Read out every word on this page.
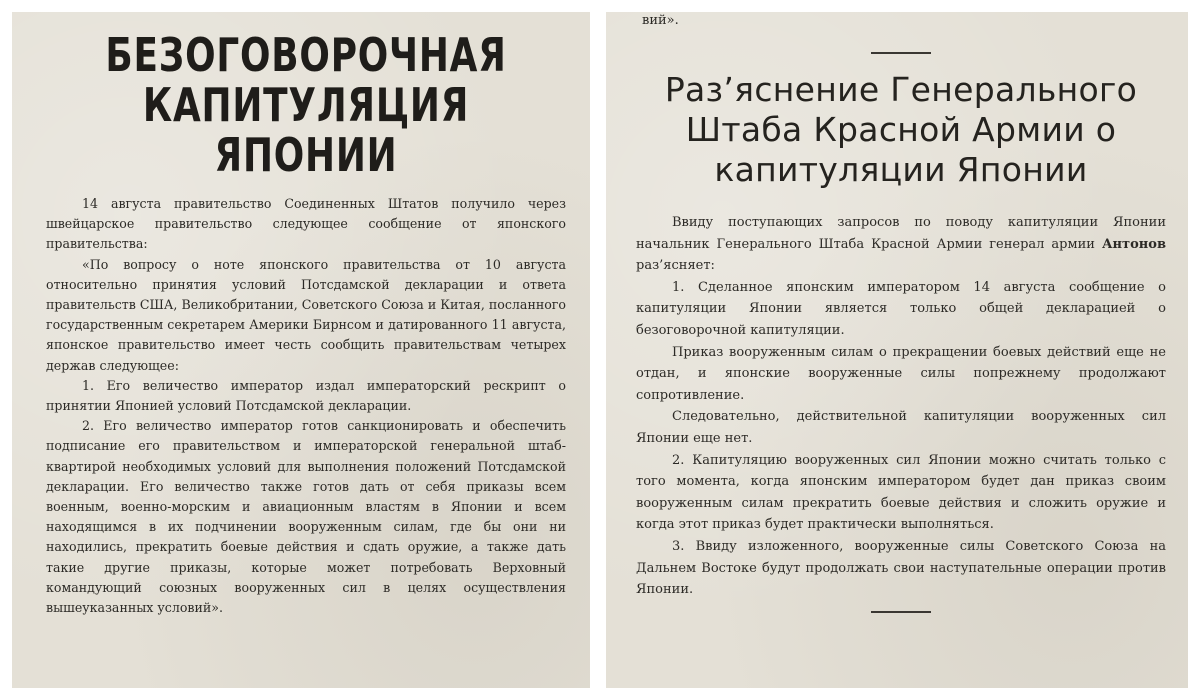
БЕЗОГОВОРОЧНАЯ
КАПИТУЛЯЦИЯ ЯПОНИИ

14 августа правительство Соединенных Штатов получило через швейцарское правительство следующее сообщение от японского правительства:

«По вопросу о ноте японского правительства от 10 августа относительно принятия условий Потсдамской декларации и ответа правительств США, Великобритании, Советского Союза и Китая, посланного государственным секретарем Америки Бирнсом и датированного 11 августа, японское правительство имеет честь сообщить правительствам четырех держав следующее:

1. Его величество император издал императорский рескрипт о принятии Японией условий Потсдамской декларации.

2. Его величество император готов санкционировать и обеспечить подписание его правительством и императорской генеральной штаб-квартирой необходимых условий для выполнения положений Потсдамской декларации. Его величество также готов дать от себя приказы всем военным, военно-морским и авиационным властям в Японии и всем находящимся в их подчинении вооруженным силам, где бы они ни находились, прекратить боевые действия и сдать оружие, а также дать такие другие приказы, которые может потребовать Верховный командующий союзных вооруженных сил в целях осуществления вышеуказанных условий».

вий».
Раз’яснение Генерального Штаба Красной Армии о капитуляции Японии

Ввиду поступающих запросов по поводу капитуляции Японии начальник Генерального Штаба Красной Армии генерал армии Антонов раз’ясняет:

1. Сделанное японским императором 14 августа сообщение о капитуляции Японии является только общей декларацией о безоговорочной капитуляции.

Приказ вооруженным силам о прекращении боевых действий еще не отдан, и японские вооруженные силы попрежнему продолжают сопротивление.

Следовательно, действительной капитуляции вооруженных сил Японии еще нет.

2. Капитуляцию вооруженных сил Японии можно считать только с того момента, когда японским императором будет дан приказ своим вооруженным силам прекратить боевые действия и сложить оружие и когда этот приказ будет практически выполняться.

3. Ввиду изложенного, вооруженные силы Советского Союза на Дальнем Востоке будут продолжать свои наступательные операции против Японии.
